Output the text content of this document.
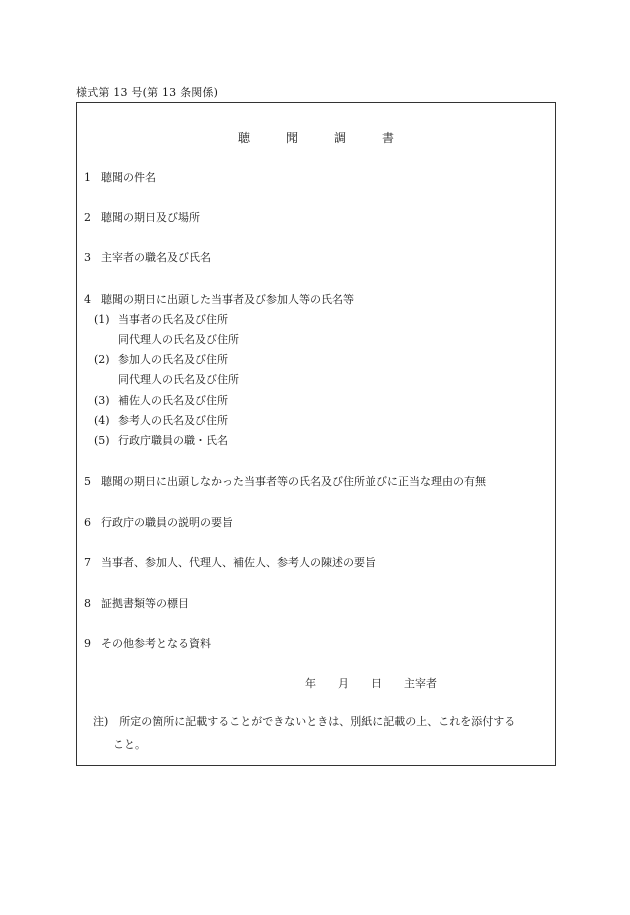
様式第 13 号(第 13 条関係)
聴　　　聞　　　調　　　書
1 聴聞の件名
2 聴聞の期日及び場所
3 主宰者の職名及び氏名
4 聴聞の期日に出頭した当事者及び参加人等の氏名等
(1) 当事者の氏名及び住所
同代理人の氏名及び住所
(2) 参加人の氏名及び住所
同代理人の氏名及び住所
(3) 補佐人の氏名及び住所
(4) 参考人の氏名及び住所
(5) 行政庁職員の職・氏名
5 聴聞の期日に出頭しなかった当事者等の氏名及び住所並びに正当な理由の有無
6 行政庁の職員の説明の要旨
7 当事者、参加人、代理人、補佐人、参考人の陳述の要旨
8 証拠書類等の標目
9 その他参考となる資料
年　　月　　日　　主宰者
注)　所定の箇所に記載することができないときは、別紙に記載の上、これを添付する
こと。
